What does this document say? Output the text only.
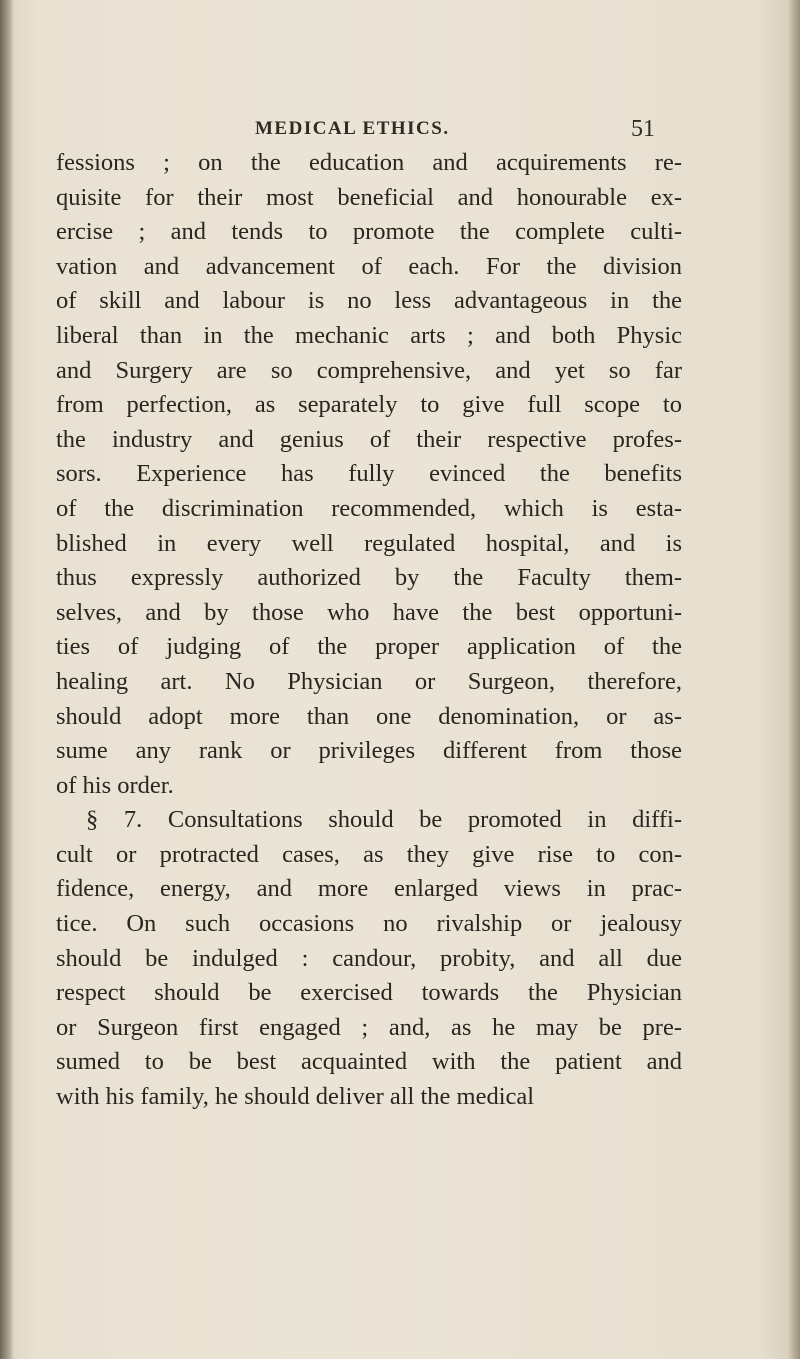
MEDICAL ETHICS.	51
fessions ; on the education and acquirements re-
quisite for their most beneficial and honourable ex-
ercise ; and tends to promote the complete culti-
vation and advancement of each. For the division
of skill and labour is no less advantageous in the
liberal than in the mechanic arts ; and both Physic
and Surgery are so comprehensive, and yet so far
from perfection, as separately to give full scope to
the industry and genius of their respective profes-
sors. Experience has fully evinced the benefits
of the discrimination recommended, which is esta-
blished in every well regulated hospital, and is
thus expressly authorized by the Faculty them-
selves, and by those who have the best opportuni-
ties of judging of the proper application of the
healing art. No Physician or Surgeon, therefore,
should adopt more than one denomination, or as-
sume any rank or privileges different from those
of his order.
§ 7. Consultations should be promoted in diffi-
cult or protracted cases, as they give rise to con-
fidence, energy, and more enlarged views in prac-
tice. On such occasions no rivalship or jealousy
should be indulged : candour, probity, and all due
respect should be exercised towards the Physician
or Surgeon first engaged ; and, as he may be pre-
sumed to be best acquainted with the patient and
with his family, he should deliver all the medical
